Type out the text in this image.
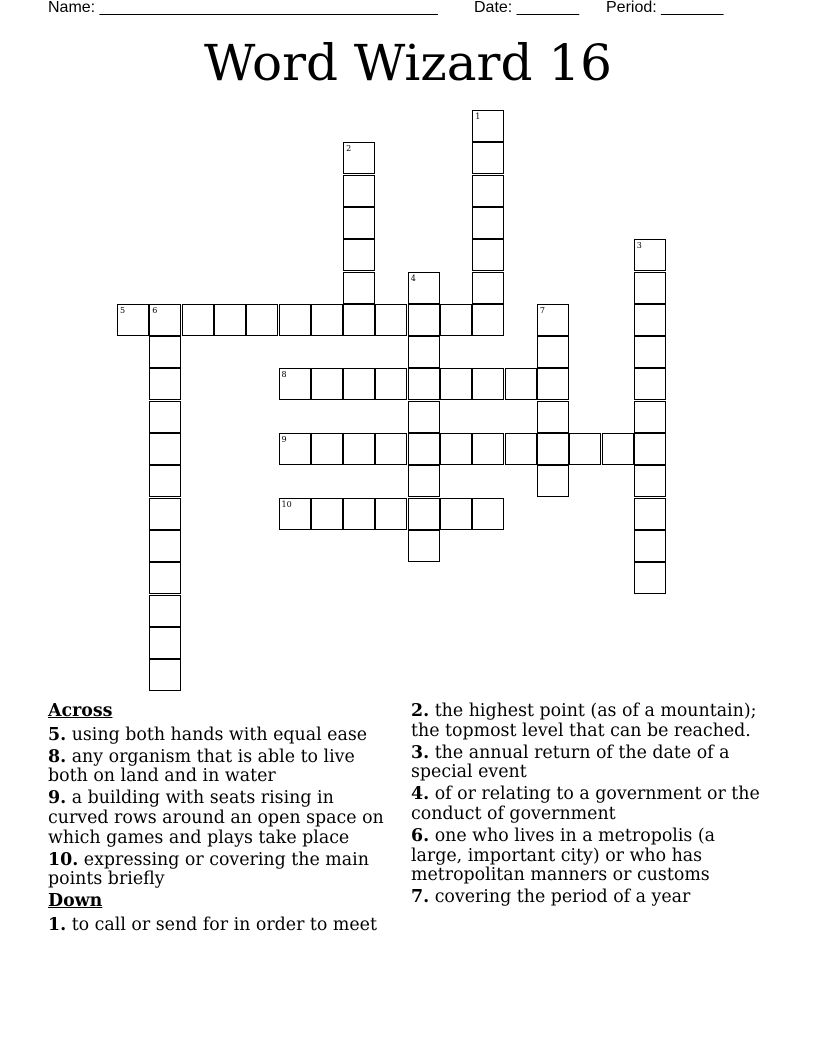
Name: ______________________________________ Date: _______ Period: _______
Word Wizard 16
1
2
3
4
5	6	7
8
9
10
Across
5. using both hands with equal ease
8. any organism that is able to live both on land and in water
9. a building with seats rising in curved rows around an open space on which games and plays take place
10. expressing or covering the main points briefly
Down
1. to call or send for in order to meet
2. the highest point (as of a mountain); the topmost level that can be reached.
3. the annual return of the date of a special event
4. of or relating to a government or the conduct of government
6. one who lives in a metropolis (a large, important city) or who has metropolitan manners or customs
7. covering the period of a year
